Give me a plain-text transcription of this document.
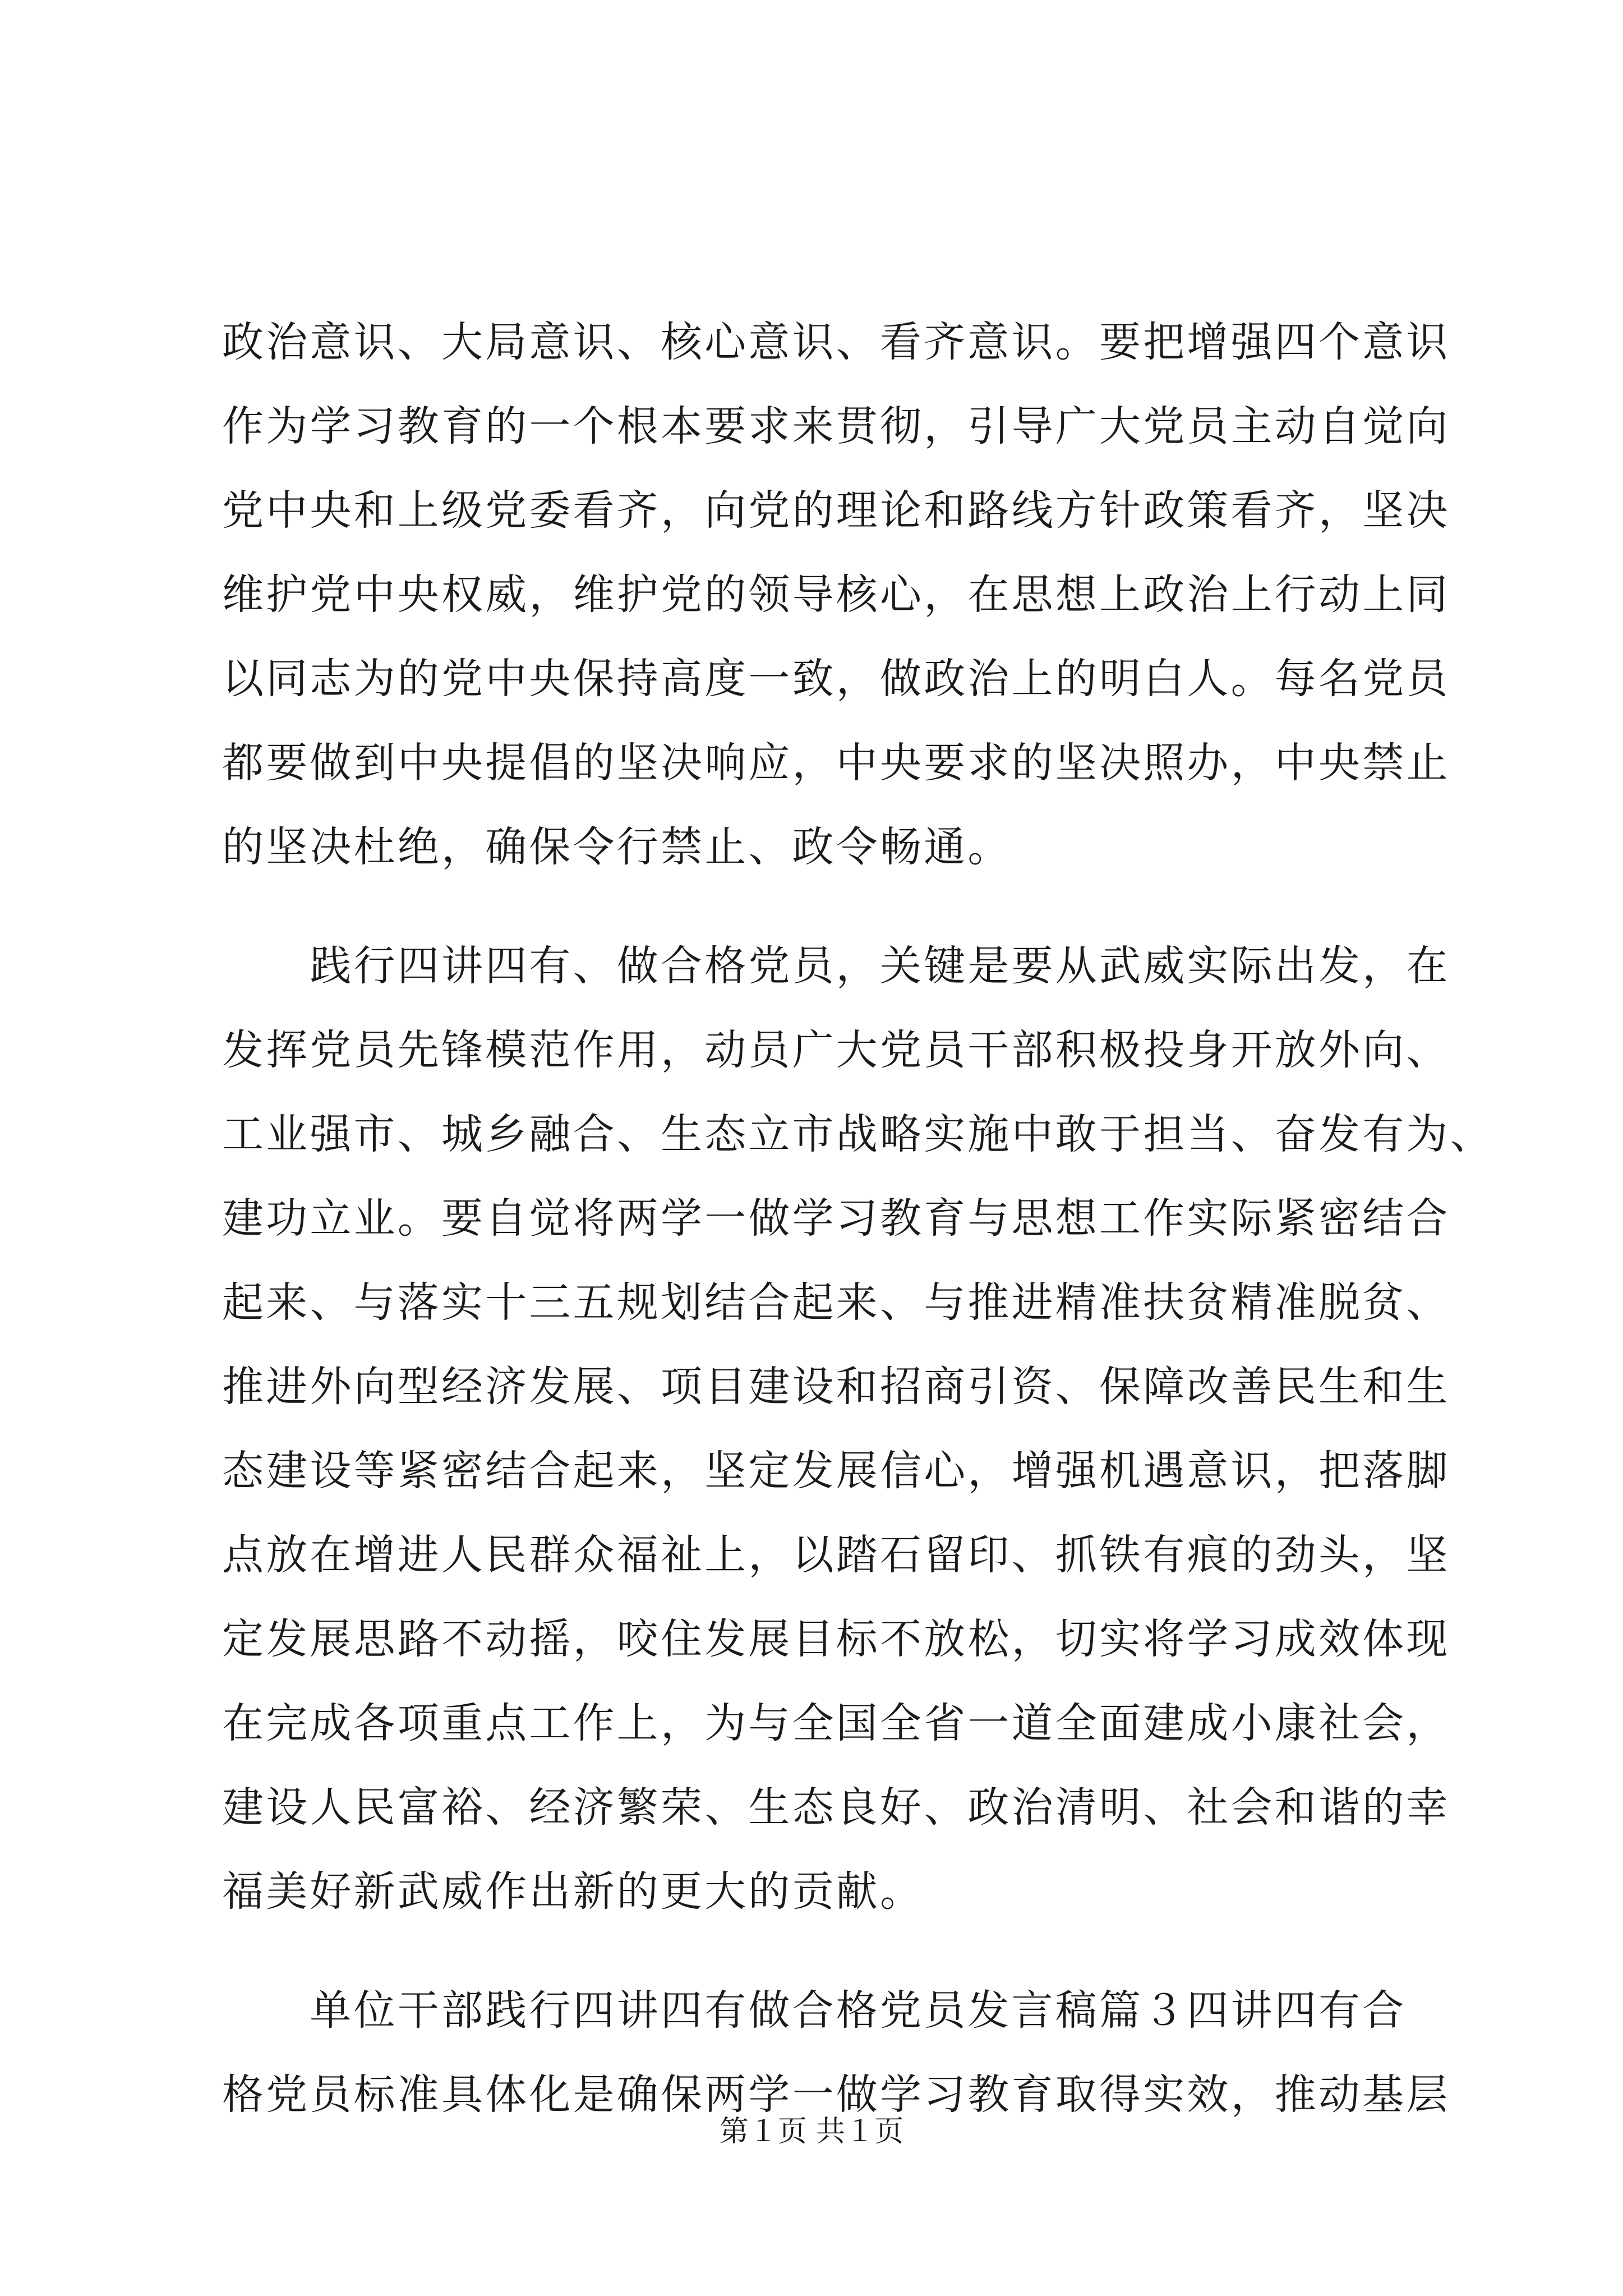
政治意识、大局意识、核心意识、看齐意识。要把增强四个意识
作为学习教育的一个根本要求来贯彻，引导广大党员主动自觉向
党中央和上级党委看齐，向党的理论和路线方针政策看齐，坚决
维护党中央权威，维护党的领导核心，在思想上政治上行动上同
以同志为的党中央保持高度一致，做政治上的明白人。每名党员
都要做到中央提倡的坚决响应，中央要求的坚决照办，中央禁止
的坚决杜绝，确保令行禁止、政令畅通。
　　践行四讲四有、做合格党员，关键是要从武威实际出发，在
发挥党员先锋模范作用，动员广大党员干部积极投身开放外向、
工业强市、城乡融合、生态立市战略实施中敢于担当、奋发有为、
建功立业。要自觉将两学一做学习教育与思想工作实际紧密结合
起来、与落实十三五规划结合起来、与推进精准扶贫精准脱贫、
推进外向型经济发展、项目建设和招商引资、保障改善民生和生
态建设等紧密结合起来，坚定发展信心，增强机遇意识，把落脚
点放在增进人民群众福祉上，以踏石留印、抓铁有痕的劲头，坚
定发展思路不动摇，咬住发展目标不放松，切实将学习成效体现
在完成各项重点工作上，为与全国全省一道全面建成小康社会，
建设人民富裕、经济繁荣、生态良好、政治清明、社会和谐的幸
福美好新武威作出新的更大的贡献。
　　单位干部践行四讲四有做合格党员发言稿篇３四讲四有合
格党员标准具体化是确保两学一做学习教育取得实效，推动基层
第１页 共１页
